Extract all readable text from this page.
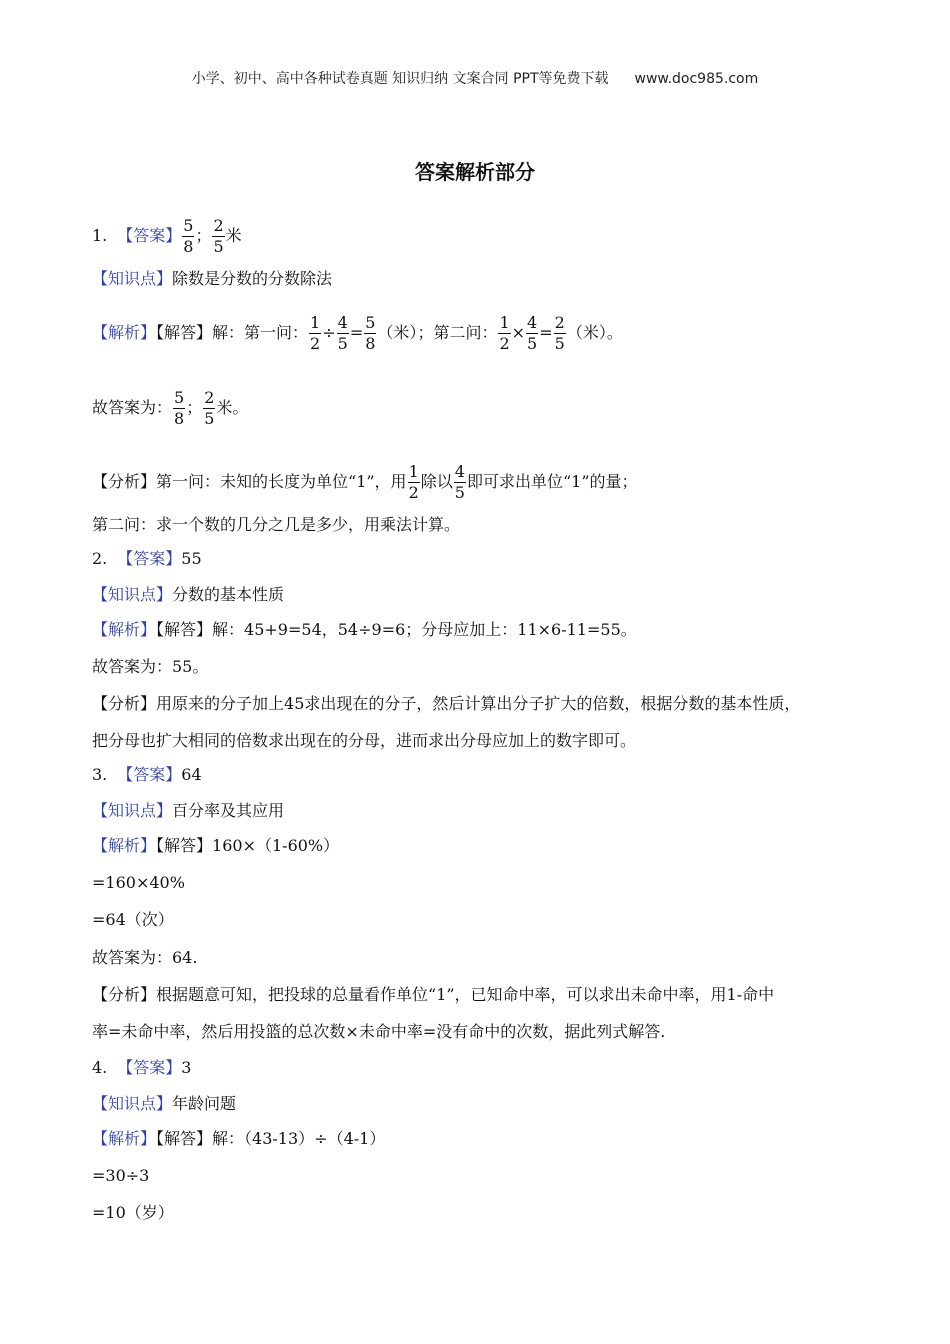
小学、初中、高中各种试卷真题 知识归纳 文案合同 PPT等免费下载 www.doc985.com
答案解析部分
1. 【答案】 $\frac{5}{8}$ ； $\frac{2}{5}$ 米
【知识点】除数是分数的分数除法
【解析】【解答】解：第一问： $\frac{1}{2} \div \frac{4}{5} = \frac{5}{8}$ （米）；第二问： $\frac{1}{2} \times \frac{4}{5} = \frac{2}{5}$ （米）。
故答案为： $\frac{5}{8}$ ； $\frac{2}{5}$ 米。
【分析】第一问：未知的长度为单位“1”，用 $\frac{1}{2}$ 除以 $\frac{4}{5}$ 即可求出单位“1”的量；
第二问：求一个数的几分之几是多少，用乘法计算。
2. 【答案】55
【知识点】分数的基本性质
【解析】【解答】解：45+9=54，54÷9=6；分母应加上：11×6-11=55。
故答案为：55。
【分析】用原来的分子加上45求出现在的分子，然后计算出分子扩大的倍数，根据分数的基本性质，
把分母也扩大相同的倍数求出现在的分母，进而求出分母应加上的数字即可。
3. 【答案】64
【知识点】百分率及其应用
【解析】【解答】160×（1-60%）
=160×40%
=64（次）
故答案为：64.
【分析】根据题意可知，把投球的总量看作单位“1”，已知命中率，可以求出未命中率，用1-命中
率=未命中率，然后用投篮的总次数×未命中率=没有命中的次数，据此列式解答.
4. 【答案】3
【知识点】年龄问题
【解析】【解答】解：（43-13）÷（4-1）
=30÷3
=10（岁）
